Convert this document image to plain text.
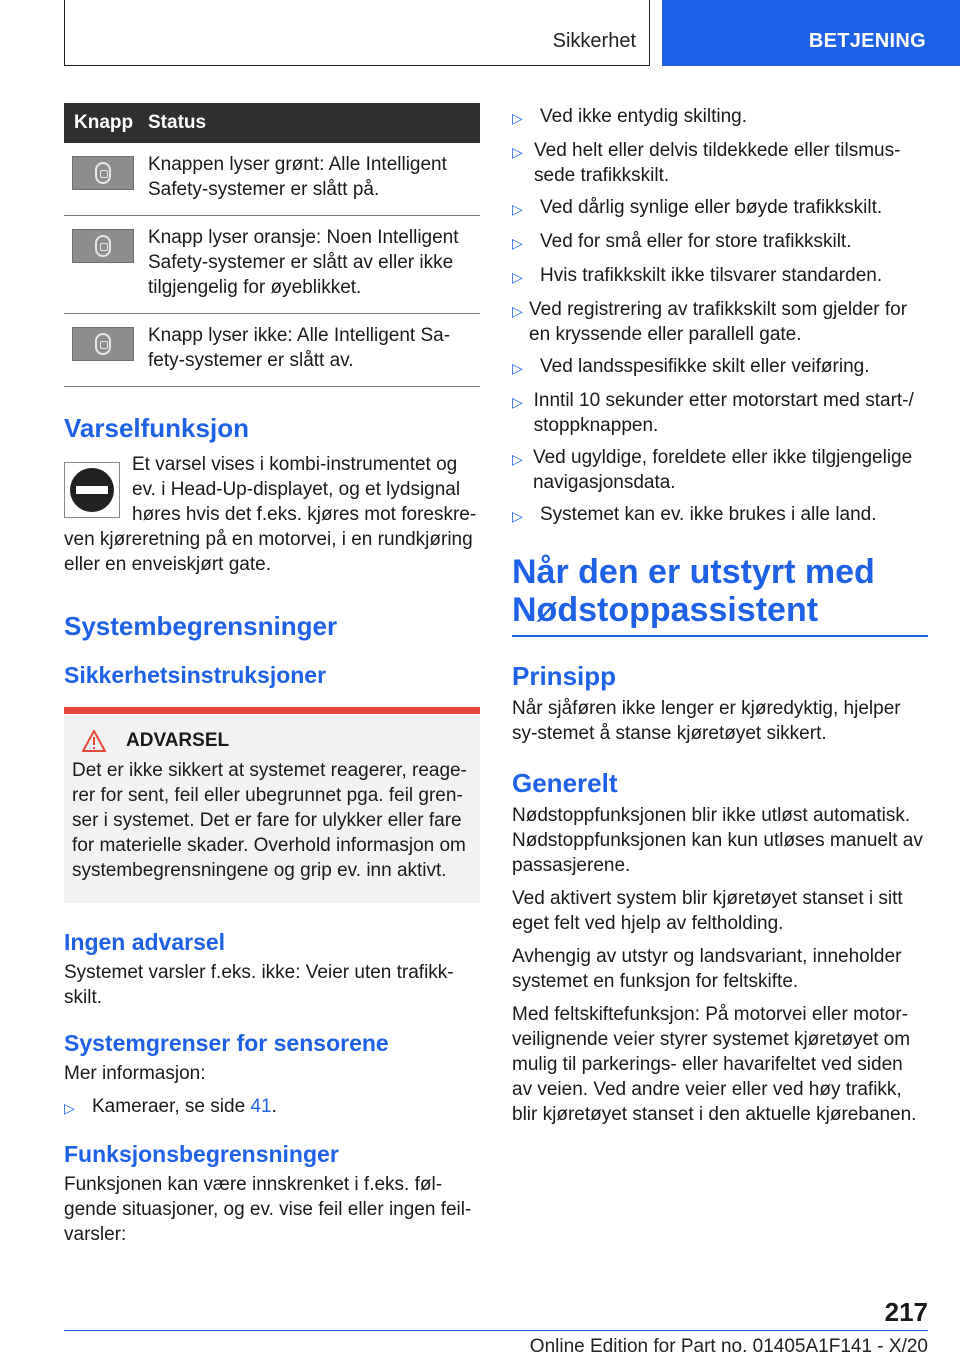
Sikkerhet	BETJENING
Knapp Status
Knappen lyser grønt: Alle Intelligent Safety-systemer er slått på.
Knapp lyser oransje: Noen Intelligent Safety-systemer er slått av eller ikke tilgjengelig for øyeblikket.
Knapp lyser ikke: Alle Intelligent Sa-fety-systemer er slått av.
Varselfunksjon

Et varsel vises i kombi-instrumentet og ev. i Head-Up-displayet, og et lydsignal høres hvis det f.eks. kjøres mot foreskre-

ven kjøreretning på en motorvei, i en rundkjøring eller en enveiskjørt gate.

Systembegrensninger
Sikkerhetsinstruksjoner
ADVARSEL

Det er ikke sikkert at systemet reagerer, reage-rer for sent, feil eller ubegrunnet pga. feil gren-ser i systemet. Det er fare for ulykker eller fare for materielle skader. Overhold informasjon om systembegrensningene og grip ev. inn aktivt.

Ingen advarsel

Systemet varsler f.eks. ikke: Veier uten trafikk-skilt.

Systemgrenser for sensorene

Mer informasjon:

▷ Kameraer, se side 41.
Funksjonsbegrensninger

Funksjonen kan være innskrenket i f.eks. føl-gende situasjoner, og ev. vise feil eller ingen feil-varsler:

▷ Ved ikke entydig skilting.
▷ Ved helt eller delvis tildekkede eller tilsmus-sede trafikkskilt.
▷ Ved dårlig synlige eller bøyde trafikkskilt.
▷ Ved for små eller for store trafikkskilt.
▷ Hvis trafikkskilt ikke tilsvarer standarden.
▷ Ved registrering av trafikkskilt som gjelder for en kryssende eller parallell gate.
▷ Ved landsspesifikke skilt eller veiføring.
▷ Inntil 10 sekunder etter motorstart med start-/ stoppknappen.
▷ Ved ugyldige, foreldete eller ikke tilgjengelige navigasjonsdata.
▷ Systemet kan ev. ikke brukes i alle land.
Når den er utstyrt med Nødstoppassistent
Prinsipp

Når sjåføren ikke lenger er kjøredyktig, hjelper sy-stemet å stanse kjøretøyet sikkert.

Generelt

Nødstoppfunksjonen blir ikke utløst automatisk. Nødstoppfunksjonen kan kun utløses manuelt av passasjerene.

Ved aktivert system blir kjøretøyet stanset i sitt eget felt ved hjelp av feltholding.

Avhengig av utstyr og landsvariant, inneholder systemet en funksjon for feltskifte.

Med feltskiftefunksjon: På motorvei eller motor-veilignende veier styrer systemet kjøretøyet om mulig til parkerings- eller havarifeltet ved siden av veien. Ved andre veier eller ved høy trafikk, blir kjøretøyet stanset i den aktuelle kjørebanen.

217
Online Edition for Part no. 01405A1F141 - X/20
